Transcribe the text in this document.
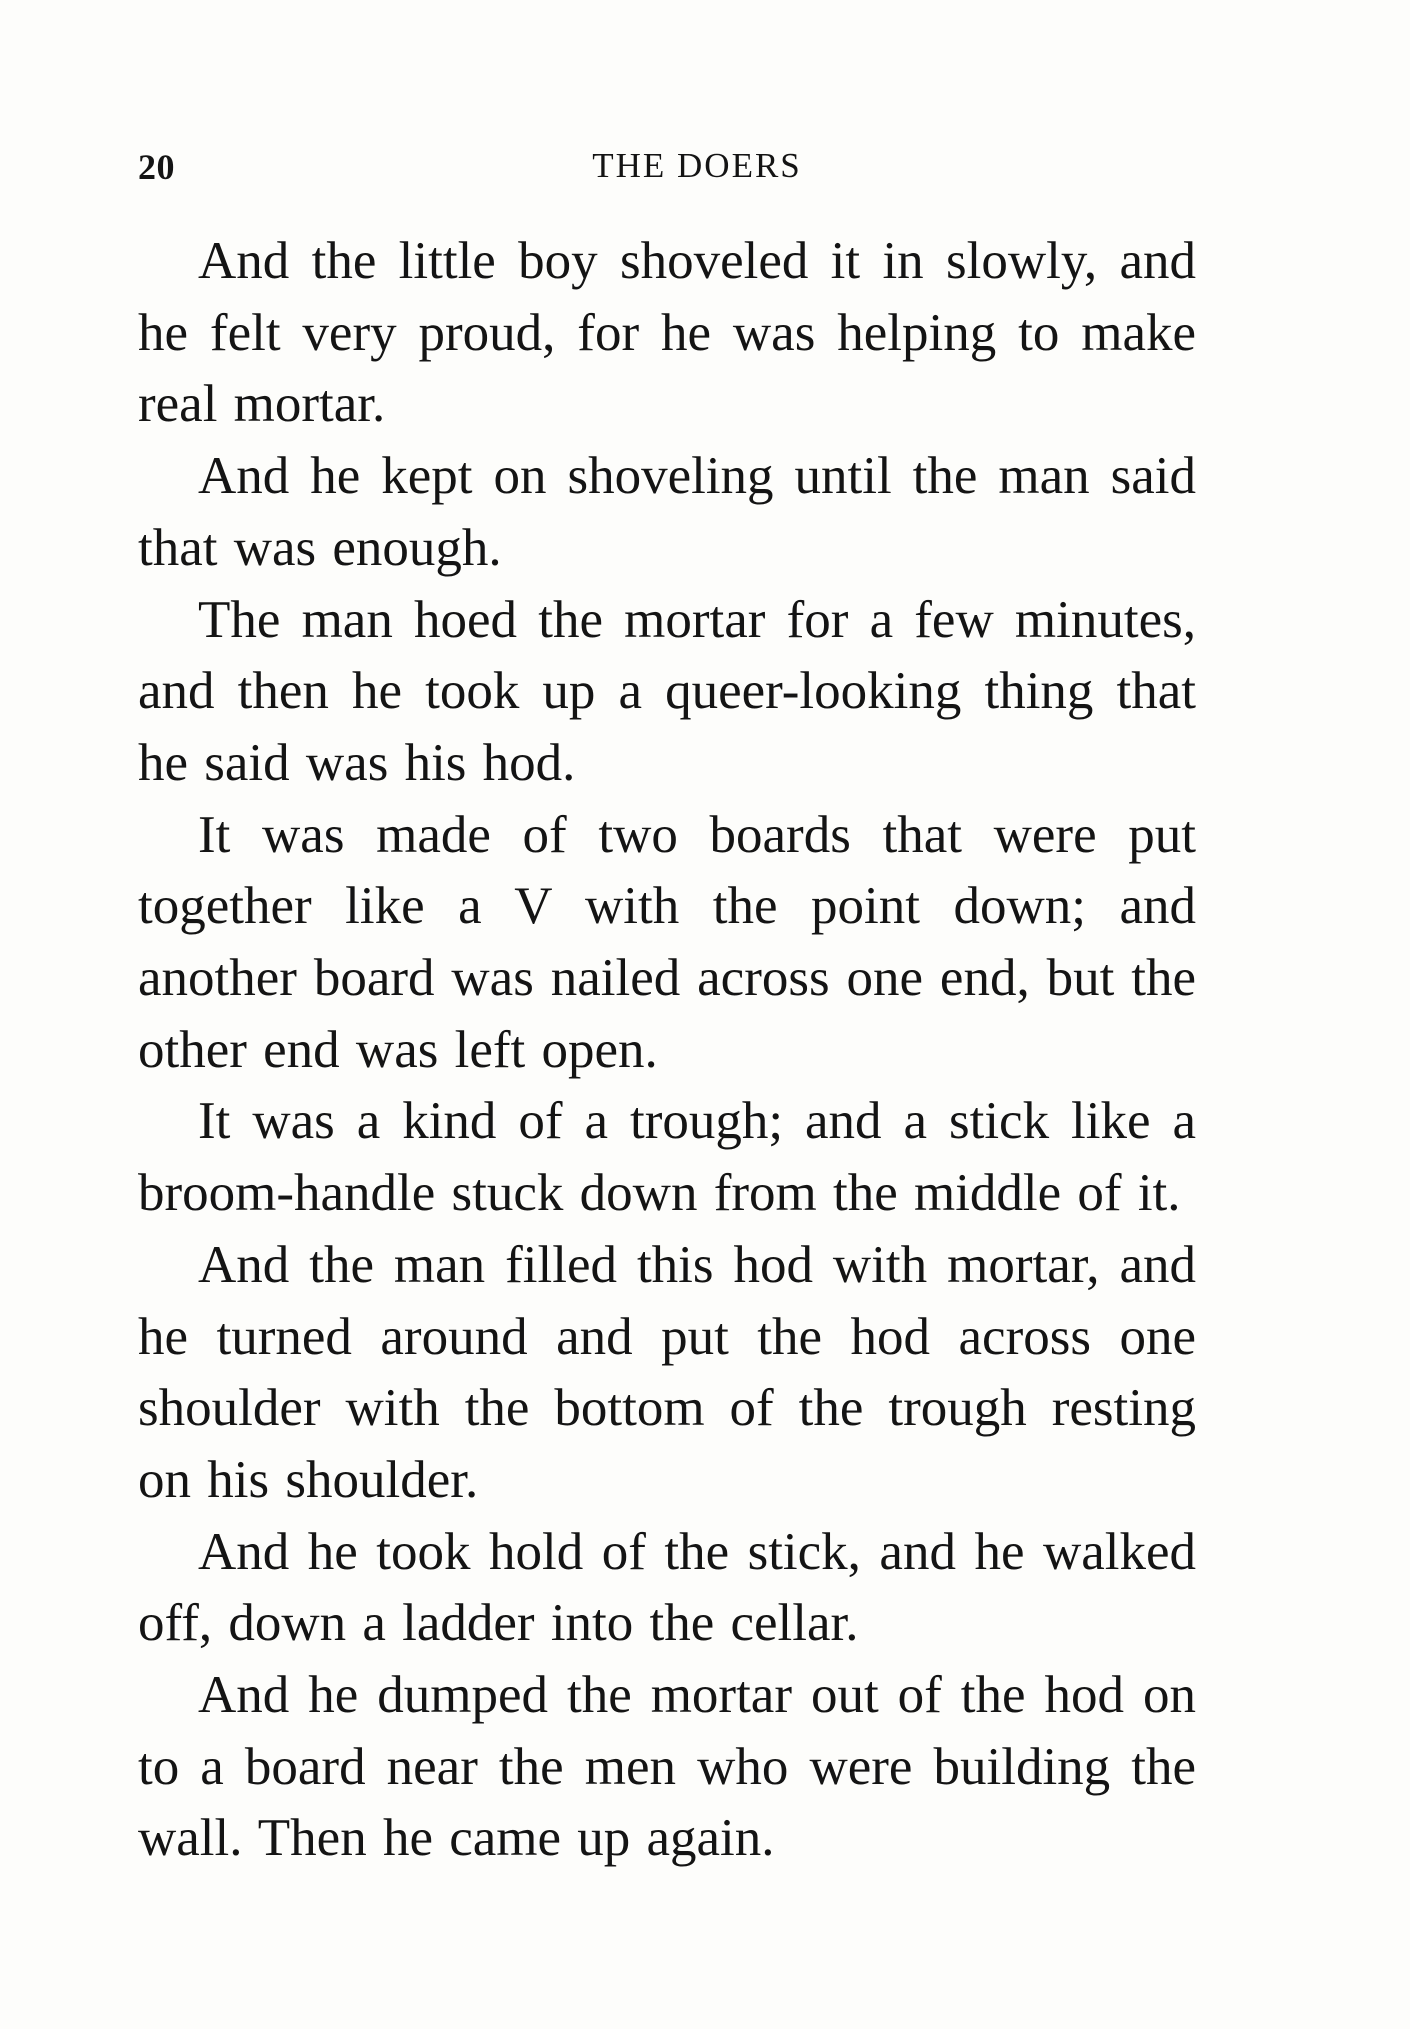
20	THE DOERS

And the little boy shoveled it in slowly, and he felt very proud, for he was helping to make real mortar.

And he kept on shoveling until the man said that was enough.

The man hoed the mortar for a few minutes, and then he took up a queer-looking thing that he said was his hod.

It was made of two boards that were put together like a V with the point down; and another board was nailed across one end, but the other end was left open.

It was a kind of a trough; and a stick like a broom-handle stuck down from the middle of it.

And the man filled this hod with mortar, and he turned around and put the hod across one shoulder with the bottom of the trough resting on his shoulder.

And he took hold of the stick, and he walked off, down a ladder into the cellar.

And he dumped the mortar out of the hod on to a board near the men who were building the wall. Then he came up again.
